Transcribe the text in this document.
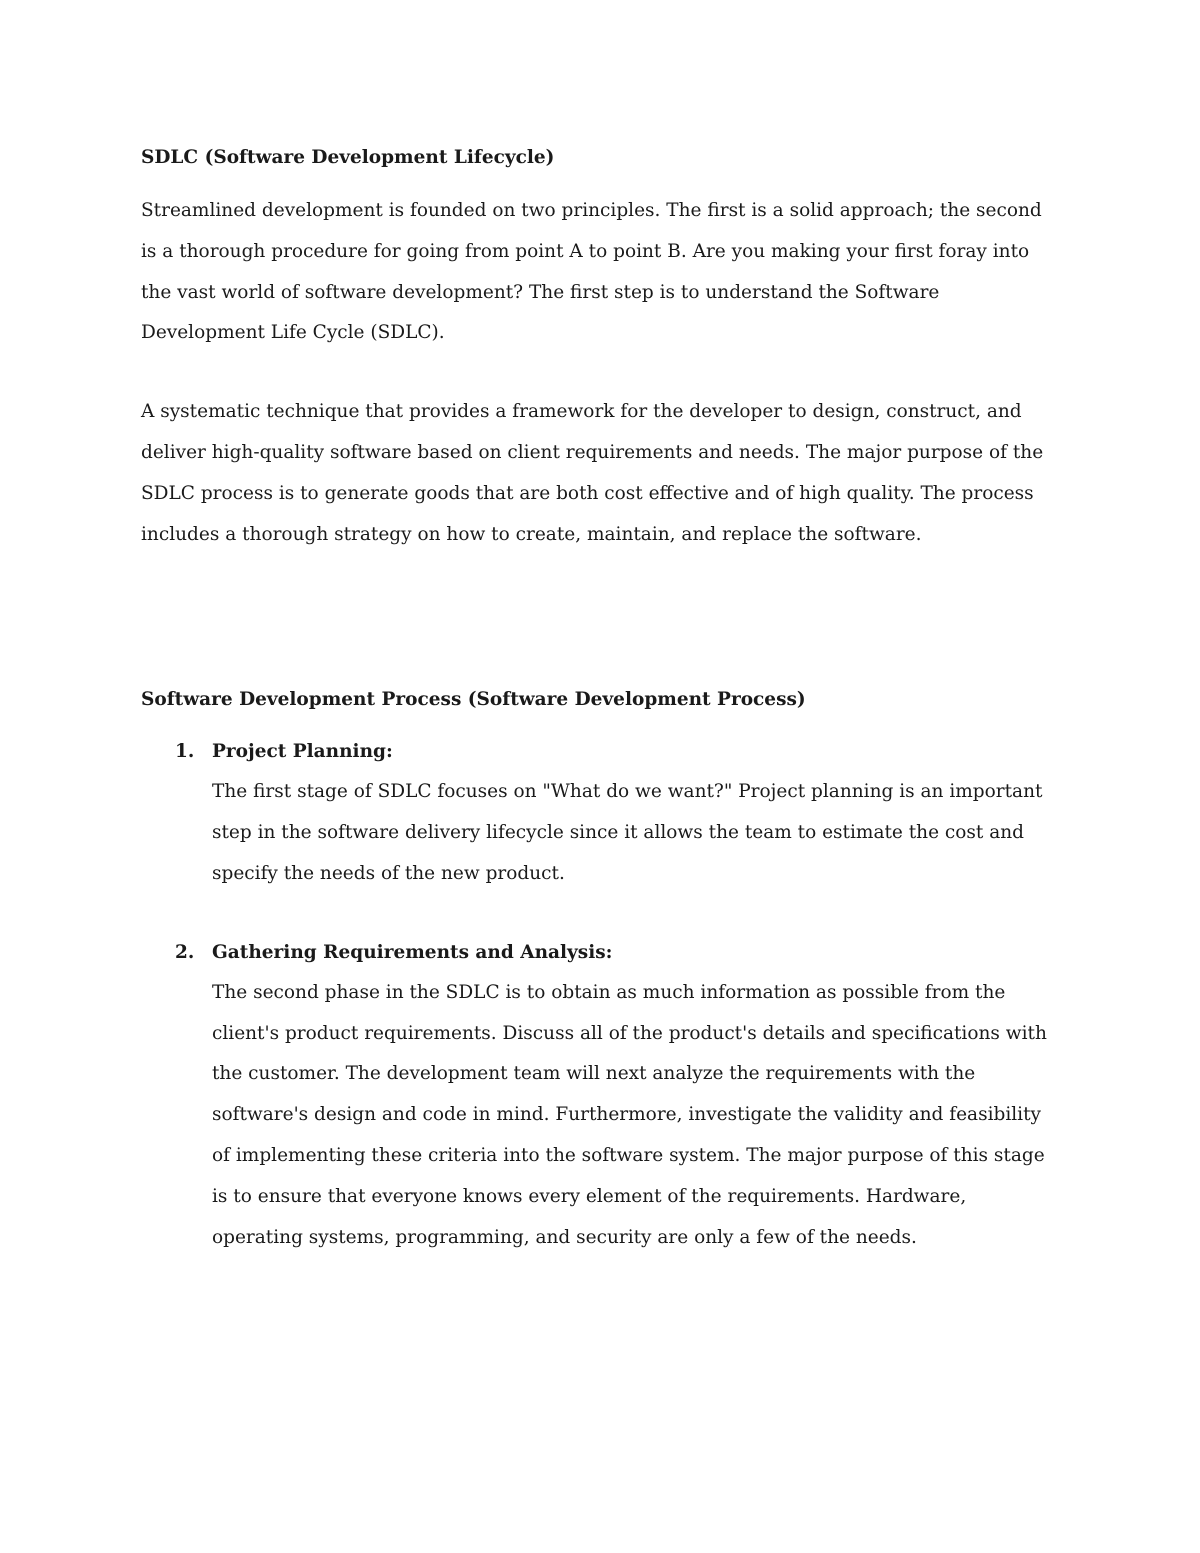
SDLC (Software Development Lifecycle)

Streamlined development is founded on two principles. The first is a solid approach; the second is a thorough procedure for going from point A to point B. Are you making your first foray into the vast world of software development? The first step is to understand the Software Development Life Cycle (SDLC).

A systematic technique that provides a framework for the developer to design, construct, and deliver high-quality software based on client requirements and needs. The major purpose of the SDLC process is to generate goods that are both cost effective and of high quality. The process includes a thorough strategy on how to create, maintain, and replace the software.

Software Development Process (Software Development Process)
1. Project Planning:
The first stage of SDLC focuses on "What do we want?" Project planning is an important step in the software delivery lifecycle since it allows the team to estimate the cost and specify the needs of the new product.
2. Gathering Requirements and Analysis:
The second phase in the SDLC is to obtain as much information as possible from the client's product requirements. Discuss all of the product's details and specifications with the customer. The development team will next analyze the requirements with the software's design and code in mind. Furthermore, investigate the validity and feasibility of implementing these criteria into the software system. The major purpose of this stage is to ensure that everyone knows every element of the requirements. Hardware, operating systems, programming, and security are only a few of the needs.
